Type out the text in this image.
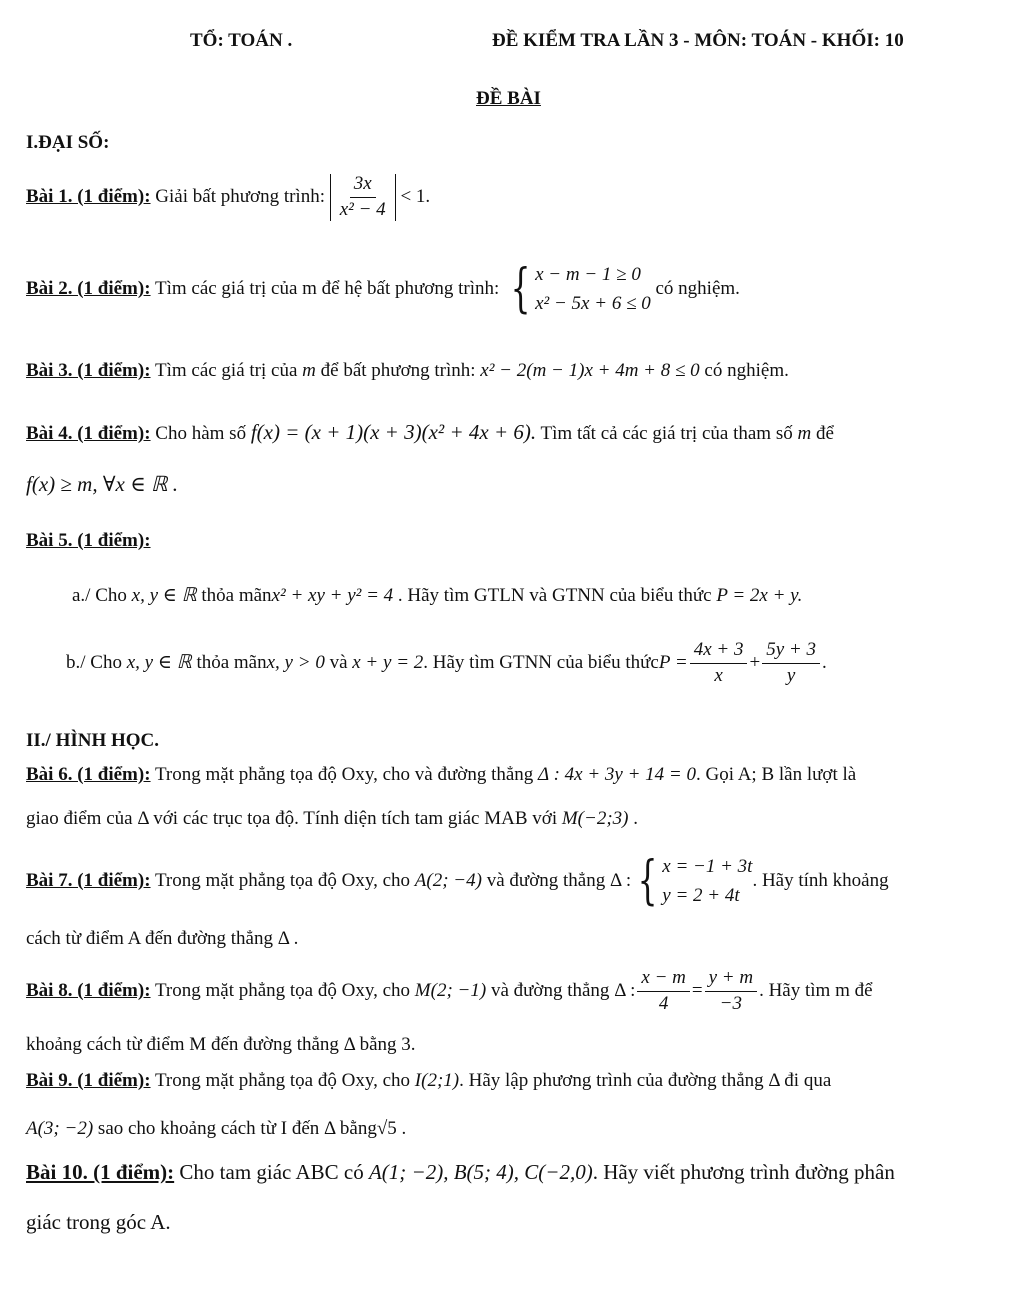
TỔ: TOÁN .	ĐỀ KIỂM TRA LẦN 3 - MÔN: TOÁN - KHỐI: 10
ĐỀ BÀI
I.ĐẠI SỐ:
Bài 1. (1 điểm): Giải bất phương trình: $\frac{3x}{\text{x² − 4}} < 1$.
Bài 2. (1 điểm): Tìm các giá trị của m để hệ bất phương trình: { x − m − 1 ≥ 0
x² − 5x + 6 ≤ 0
có nghiệm.
Bài 3. (1 điểm): Tìm các giá trị của m để bất phương trình: x² − 2(m − 1)x + 4m + 8 ≤ 0 có nghiệm.
Bài 4. (1 điểm): Cho hàm số f(x) = (x + 1)(x + 3)(x² + 4x + 6). Tìm tất cả các giá trị của tham số m để
f(x) ≥ m, ∀x ∈ ℝ .
Bài 5. (1 điểm):
a./ Cho x, y ∈ ℝ thỏa mãnx² + xy + y² = 4 . Hãy tìm GTLN và GTNN của biểu thức P = 2x + y.
b./ Cho x, y ∈ ℝ thỏa mãnx, y > 0 và x + y = 2. Hãy tìm GTNN của biểu thứcP = $\frac{4x + 3}{x} + \frac{5y + 3}{y}$ .
II./ HÌNH HỌC.
Bài 6. (1 điểm): Trong mặt phẳng tọa độ Oxy, cho và đường thẳng Δ : 4x + 3y + 14 = 0. Gọi A; B lần lượt là
giao điểm của Δ với các trục tọa độ. Tính diện tích tam giác MAB với M(−2;3) .
Bài 7. (1 điểm): Trong mặt phẳng tọa độ Oxy, cho A(2; −4) và đường thẳng Δ : { x = −1 + 3t
y = 2 + 4t
. Hãy tính khoảng
cách từ điểm A đến đường thẳng Δ .
Bài 8. (1 điểm): Trong mặt phẳng tọa độ Oxy, cho M(2; −1) và đường thẳng Δ : $\frac{x - m}{4} = \frac{y + m}{-3}$ . Hãy tìm m để
khoảng cách từ điểm M đến đường thẳng Δ bằng 3.
Bài 9. (1 điểm): Trong mặt phẳng tọa độ Oxy, cho I(2;1). Hãy lập phương trình của đường thẳng Δ đi qua
A(3; −2) sao cho khoảng cách từ I đến Δ bằng√5 .
Bài 10. (1 điểm): Cho tam giác ABC có A(1; −2), B(5; 4), C(−2,0). Hãy viết phương trình đường phân
giác trong góc A.
